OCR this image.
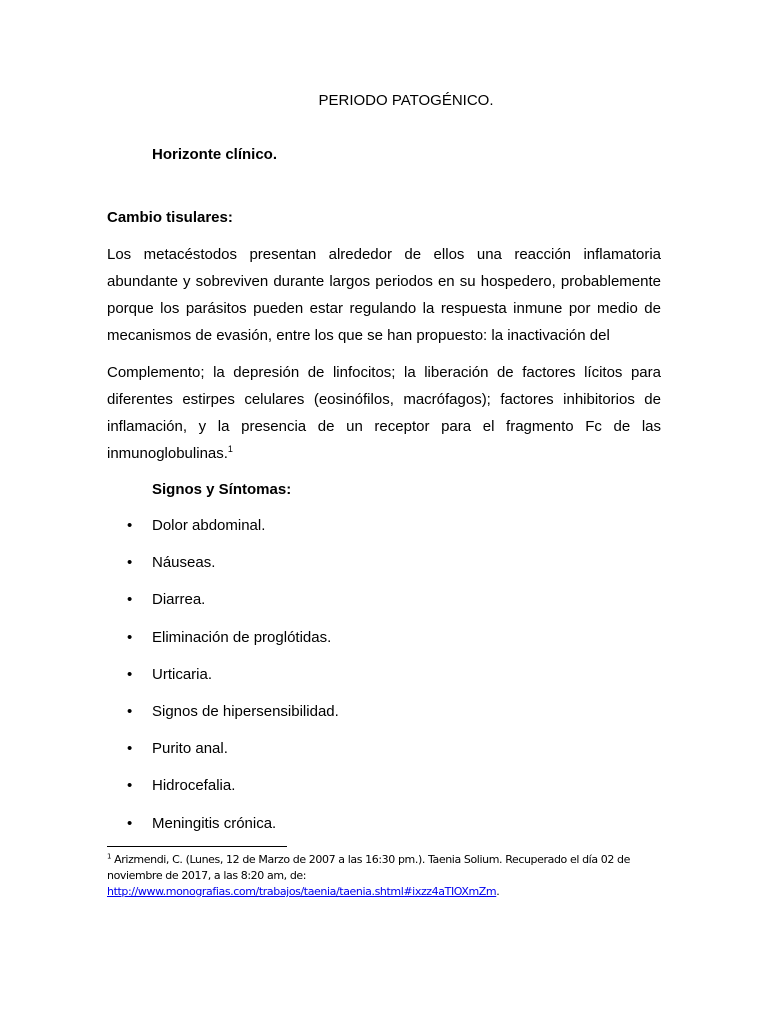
PERIODO PATOGÉNICO.
Horizonte clínico.
Cambio tisulares:

Los metacéstodos presentan alrededor de ellos una reacción inflamatoria abundante y sobreviven durante largos periodos en su hospedero, probablemente porque los parásitos pueden estar regulando la respuesta inmune por medio de mecanismos de evasión, entre los que se han propuesto: la inactivación del

Complemento; la depresión de linfocitos; la liberación de factores lícitos para diferentes estirpes celulares (eosinófilos, macrófagos); factores inhibitorios de inflamación, y la presencia de un receptor para el fragmento Fc de las inmunoglobulinas.$^1$

Signos y Síntomas:
• Dolor abdominal.
• Náuseas.
• Diarrea.
• Eliminación de proglótidas.
• Urticaria.
• Signos de hipersensibilidad.
• Purito anal.
• Hidrocefalia.
• Meningitis crónica.

$^1$ Arizmendi, C. (Lunes, 12 de Marzo de 2007 a las 16:30 pm.). Taenia Solium. Recuperado el día 02 de noviembre de 2017, a las 8:20 am, de:
http://www.monografias.com/trabajos/taenia/taenia.shtml#ixzz4aTIOXmZm.
